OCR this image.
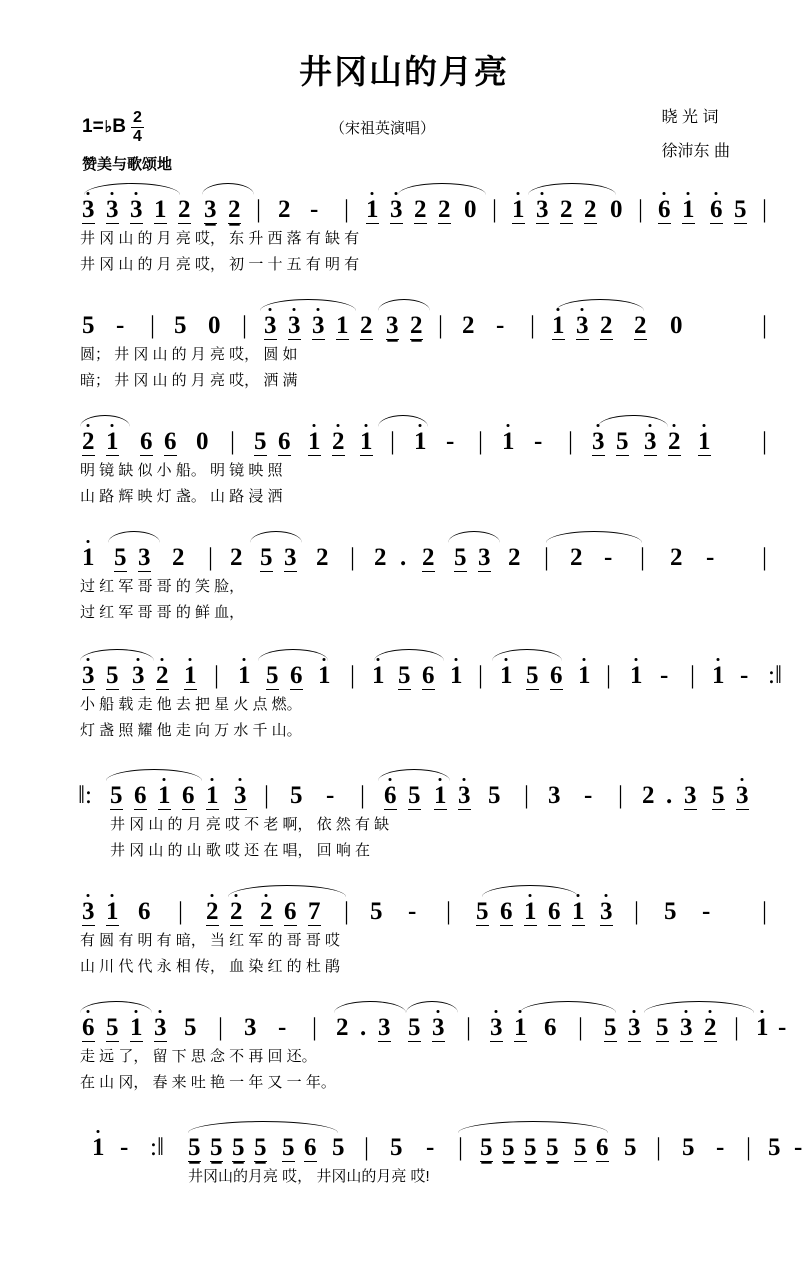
井冈山的月亮
1= ♭ B $\frac{2}{4}$	（宋祖英演唱）
晓 光 词
徐沛东 曲
赞美与歌颂地
3 3 3 1 2 3 2 | 2 - | 1 3 2 2 0 | 1 3 2 2 0 | 6 1 6 5 |
井 冈 山 的 月 亮 哎， 东 升 西 落 有 缺 有
井 冈 山 的 月 亮 哎， 初 一 十 五 有 明 有
5 - | 5 0 | 3 3 3 1 2 3 2 | 2 - | 1 3 2 2 0	|
圆； 井 冈 山 的 月 亮 哎， 圆 如
暗； 井 冈 山 的 月 亮 哎， 洒 满
2 1 6 6 0 | 5 6 1 2 1 | 1 - | 1 - | 3 5 3 2 1 |
明 镜 缺 似 小 船。 明 镜 映 照
山 路 辉 映 灯 盏。 山 路 浸 洒
1 5 3 2 | 2 5 3 2 | 2 . 2 5 3 2 | 2 - | 2 - |
过 红 军 哥 哥 的 笑 脸，
过 红 军 哥 哥 的 鲜 血，
3 5 3 2 1 | 1 5 6 1 | 1 5 6 1 | 1 5 6 1 | 1 - | 1 - :‖
小 船 载 走 他 去 把 星 火 点 燃。
灯 盏 照 耀 他 走 向 万 水 千 山。
‖: 5 6 1 6 1 3 | 5 - | 6 5 1 3 5 | 3 - | 2 . 3 5 3
井 冈 山 的 月 亮 哎 不 老 啊， 依 然 有 缺
井 冈 山 的 山 歌 哎 还 在 唱， 回 响 在
3 1 6 | 2 2 2 6 7 | 5 - | 5 6 1 6 1 3 | 5 - |
有 圆 有 明 有 暗， 当 红 军 的 哥 哥 哎
山 川 代 代 永 相 传， 血 染 红 的 杜 鹃
6 5 1 3 5 | 3 - | 2 . 3 5 3 | 3 1 6 | 5 3 5 3 2 | 1 -
走 远 了， 留 下 思 念 不 再 回 还。
在 山 冈， 春 来 吐 艳 一 年 又 一 年。
1 - :‖ 5 5 5 5 5 6 5 | 5 - | 5 5 5 5 5 6 5 | 5 - | 5 -
井冈山的月亮 哎， 井冈山的月亮 哎!
